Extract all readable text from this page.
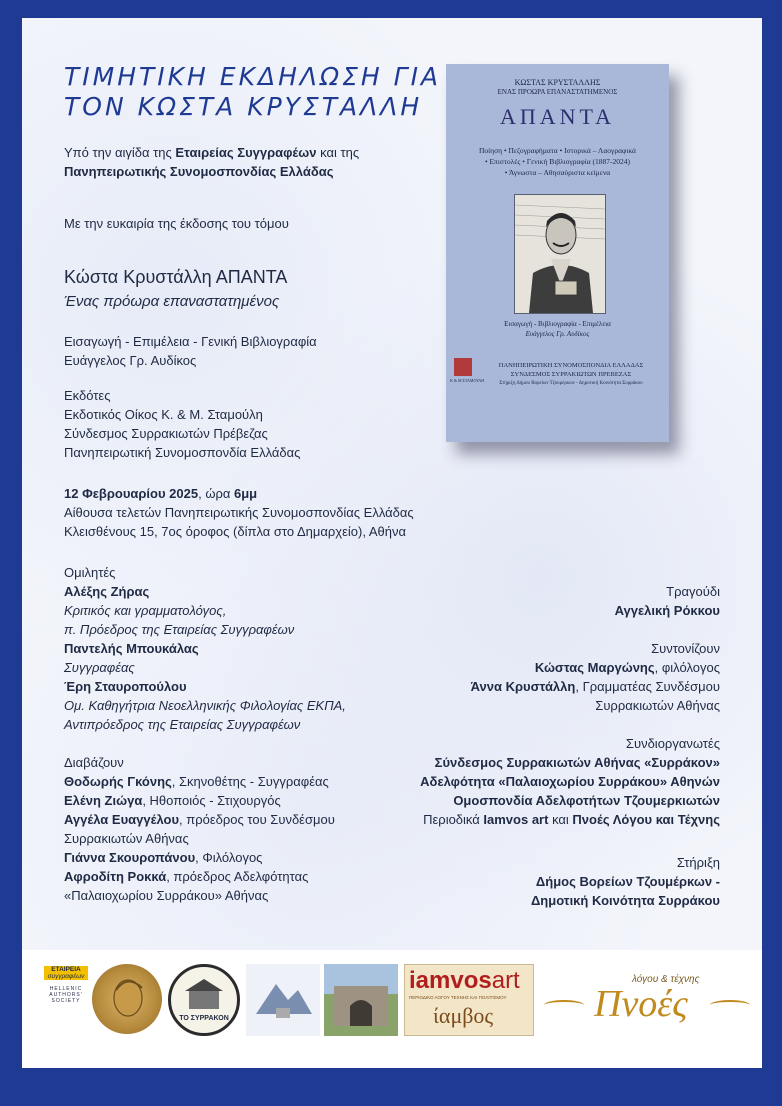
ΤΙΜΗΤΙΚΗ ΕΚΔΗΛΩΣΗ ΓΙΑ
ΤΟΝ ΚΩΣΤΑ ΚΡΥΣΤΑΛΛΗ
Υπό την αιγίδα της Εταιρείας Συγγραφέων και της
Πανηπειρωτικής Συνομοσπονδίας Ελλάδας
Με την ευκαιρία της έκδοσης του τόμου
Κώστα Κρυστάλλη ΑΠΑΝΤΑ
Ένας πρόωρα επαναστατημένος
Εισαγωγή - Επιμέλεια - Γενική Βιβλιογραφία
Ευάγγελος Γρ. Αυδίκος
Εκδότες
Εκδοτικός Οίκος Κ. & Μ. Σταμούλη
Σύνδεσμος Συρρακιωτών Πρέβεζας
Πανηπειρωτική Συνομοσπονδία Ελλάδας
12 Φεβρουαρίου 2025, ώρα 6μμ
Αίθουσα τελετών Πανηπειρωτικής Συνομοσπονδίας Ελλάδας
Κλεισθένους 15, 7ος όροφος (δίπλα στο Δημαρχείο), Αθήνα
Ομιλητές
Αλέξης Ζήρας
Κριτικός και γραμματολόγος,
π. Πρόεδρος της Εταιρείας Συγγραφέων
Παντελής Μπουκάλας
Συγγραφέας
Έρη Σταυροπούλου
Ομ. Καθηγήτρια Νεοελληνικής Φιλολογίας ΕΚΠΑ,
Αντιπρόεδρος της Εταιρείας Συγγραφέων
Διαβάζουν
Θοδωρής Γκόνης, Σκηνοθέτης - Συγγραφέας
Ελένη Ζιώγα, Ηθοποιός - Στιχουργός
Αγγέλα Ευαγγέλου, πρόεδρος του Συνδέσμου
Συρρακιωτών Αθήνας
Γιάννα Σκουροπάνου, Φιλόλογος
Αφροδίτη Ροκκά, πρόεδρος Αδελφότητας
«Παλαιοχωρίου Συρράκου» Αθήνας
Τραγούδι
Αγγελική Ρόκκου
Συντονίζουν
Κώστας Μαργώνης, φιλόλογος
Άννα Κρυστάλλη, Γραμματέας Συνδέσμου
Συρρακιωτών Αθήνας
Συνδιοργανωτές
Σύνδεσμος Συρρακιωτών Αθήνας «Συρράκον»
Αδελφότητα «Παλαιοχωρίου Συρράκου» Αθηνών
Ομοσπονδία Αδελφοτήτων Τζουμερκιωτών
Περιοδικά Iamvos art και Πνοές Λόγου και Τέχνης
Στήριξη
Δήμος Βορείων Τζουμέρκων -
Δημοτική Κοινότητα Συρράκου
ΚΩΣΤΑΣ ΚΡΥΣΤΑΛΛΗΣ
ΕΝΑΣ ΠΡΟΩΡΑ ΕΠΑΝΑΣΤΑΤΗΜΕΝΟΣ
ΑΠΑΝΤΑ
Ποίηση • Πεζογραφήματα • Ιστορικά – Λαογραφικά
• Επιστολές • Γενική Βιβλιογραφία (1887-2024)
• Άγνωστα – Αθησαύριστα κείμενα
Εισαγωγή - Βιβλιογραφία - Επιμέλεια
Ευάγγελος Γρ. Αυδίκος
Κ & Μ ΣΤΑΜΟΥΛΗ
ΠΑΝΗΠΕΙΡΩΤΙΚΗ ΣΥΝΟΜΟΣΠΟΝΔΙΑ ΕΛΛΑΔΑΣ
ΣΥΝΔΕΣΜΟΣ ΣΥΡΡΑΚΙΩΤΩΝ ΠΡΕΒΕΖΑΣ
Στήριξη Δήμου Βορείων Τζουμέρκων - Δημοτική Κοινότητα Συρράκου
ΕΤΑΙΡΕΙΑ
συγγραφέων
HELLENIC
AUTHORS'
SOCIETY
ΤΟ ΣΥΡΡΑΚΟΝ
iamvosart
ΠΕΡΙΟΔΙΚΟ ΛΟΓΟΥ ΤΕΧΝΗΣ ΚΑΙ ΠΟΛΙΤΙΣΜΟΥ
ίαμβος
λόγου & τέχνης
Πνοές
